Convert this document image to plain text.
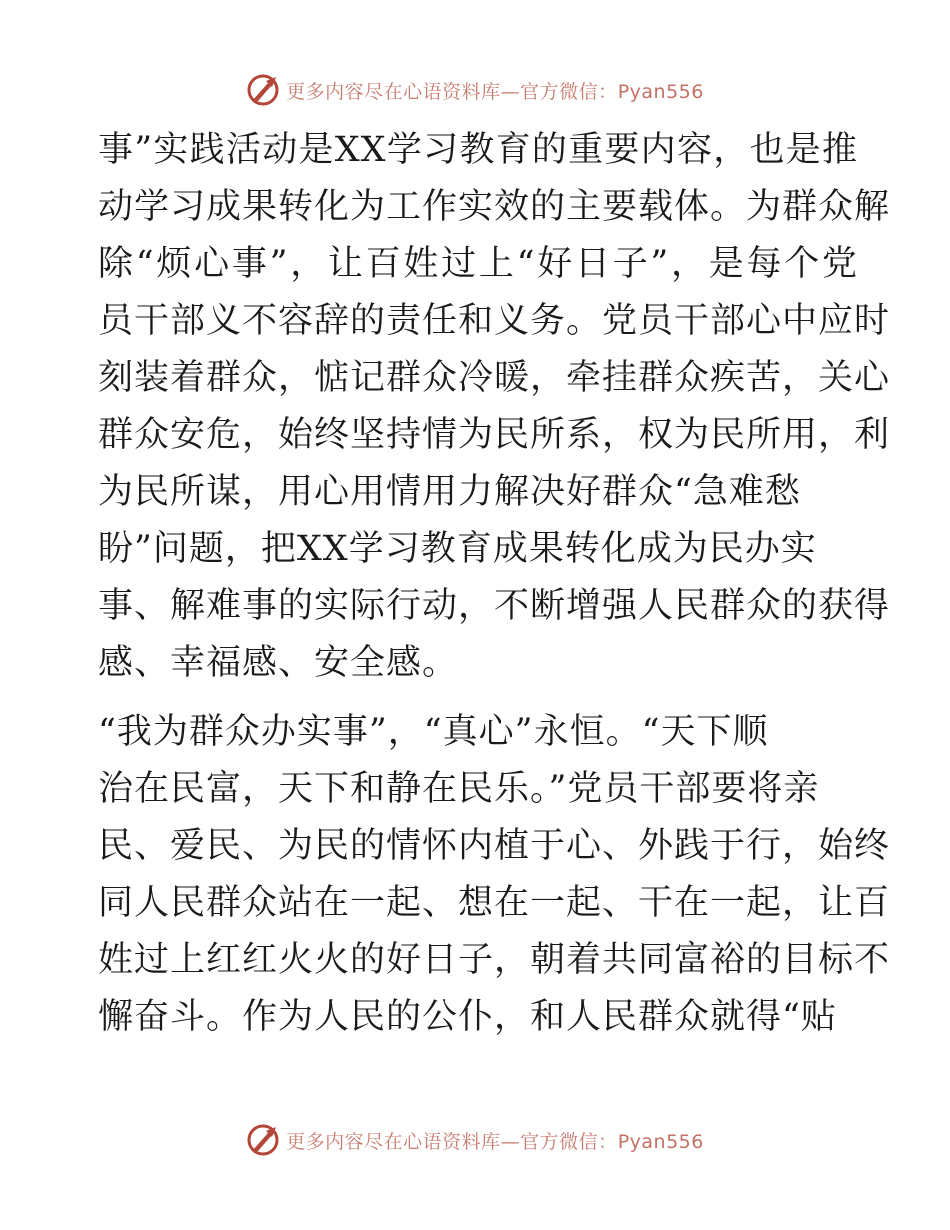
更多内容尽在心语资料库—官方微信：Pyan556
事”实践活动是XX学习教育的重要内容，也是推
动学习成果转化为工作实效的主要载体。为群众解
除“烦心事”，让百姓过上“好日子”，是每个党
员干部义不容辞的责任和义务。党员干部心中应时
刻装着群众，惦记群众冷暖，牵挂群众疾苦，关心
群众安危，始终坚持情为民所系，权为民所用，利
为民所谋，用心用情用力解决好群众“急难愁
盼”问题，把XX学习教育成果转化成为民办实
事、解难事的实际行动，不断增强人民群众的获得
感、幸福感、安全感。
“我为群众办实事”，“真心”永恒。“天下顺
治在民富，天下和静在民乐。”党员干部要将亲
民、爱民、为民的情怀内植于心、外践于行，始终
同人民群众站在一起、想在一起、干在一起，让百
姓过上红红火火的好日子，朝着共同富裕的目标不
懈奋斗。作为人民的公仆，和人民群众就得“贴
更多内容尽在心语资料库—官方微信：Pyan556
